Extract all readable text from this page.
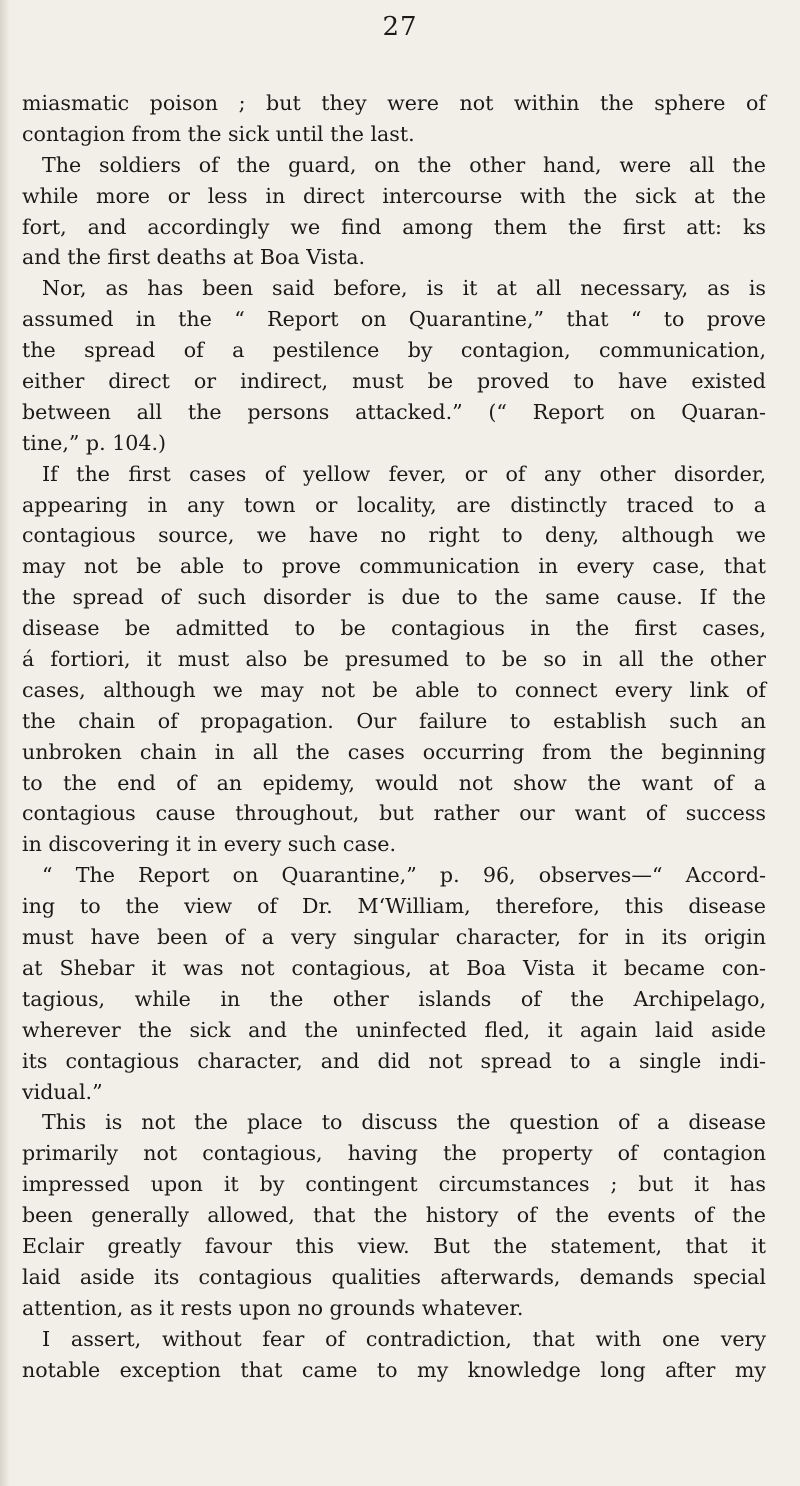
27
miasmatic poison ; but they were not within the sphere of
contagion from the sick until the last.
The soldiers of the guard, on the other hand, were all the
while more or less in direct intercourse with the sick at the
fort, and accordingly we find among them the first att: ks
and the first deaths at Boa Vista.
Nor, as has been said before, is it at all necessary, as is
assumed in the “ Report on Quarantine,” that “ to prove
the spread of a pestilence by contagion, communication,
either direct or indirect, must be proved to have existed
between all the persons attacked.” (“ Report on Quaran-
tine,” p. 104.)
If the first cases of yellow fever, or of any other disorder,
appearing in any town or locality, are distinctly traced to a
contagious source, we have no right to deny, although we
may not be able to prove communication in every case, that
the spread of such disorder is due to the same cause. If the
disease be admitted to be contagious in the first cases,
á fortiori, it must also be presumed to be so in all the other
cases, although we may not be able to connect every link of
the chain of propagation. Our failure to establish such an
unbroken chain in all the cases occurring from the beginning
to the end of an epidemy, would not show the want of a
contagious cause throughout, but rather our want of success
in discovering it in every such case.
“ The Report on Quarantine,” p. 96, observes—“ Accord-
ing to the view of Dr. M‘William, therefore, this disease
must have been of a very singular character, for in its origin
at Shebar it was not contagious, at Boa Vista it became con-
tagious, while in the other islands of the Archipelago,
wherever the sick and the uninfected fled, it again laid aside
its contagious character, and did not spread to a single indi-
vidual.”
This is not the place to discuss the question of a disease
primarily not contagious, having the property of contagion
impressed upon it by contingent circumstances ; but it has
been generally allowed, that the history of the events of the
Eclair greatly favour this view. But the statement, that it
laid aside its contagious qualities afterwards, demands special
attention, as it rests upon no grounds whatever.
I assert, without fear of contradiction, that with one very
notable exception that came to my knowledge long after my
